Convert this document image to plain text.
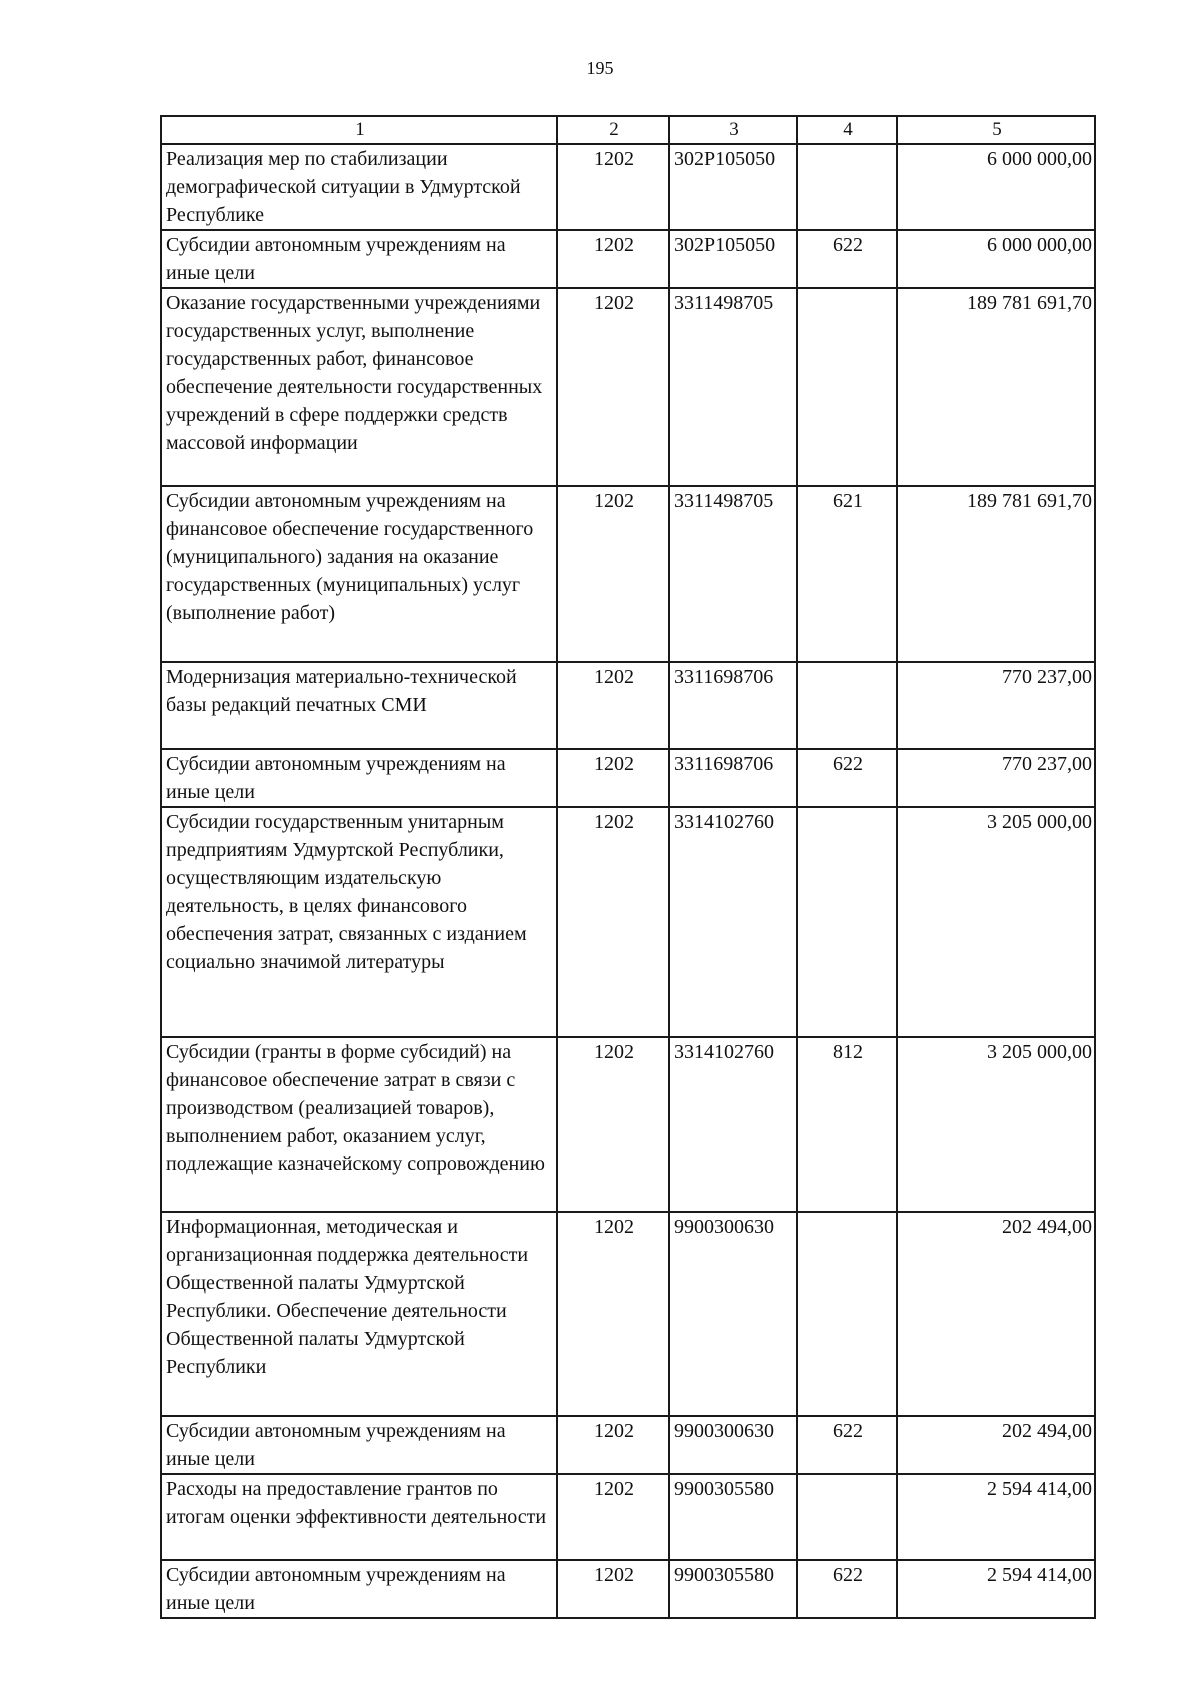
195
1	2	3	4	5
Реализация мер по стабилизации демографической ситуации в Удмуртской Республике	1202	302P105050		6 000 000,00
Субсидии автономным учреждениям на иные цели	1202	302P105050	622	6 000 000,00
Оказание государственными учреждениями государственных услуг, выполнение государственных работ, финансовое обеспечение деятельности государственных учреждений в сфере поддержки средств массовой информации	1202	3311498705		189 781 691,70
Субсидии автономным учреждениям на финансовое обеспечение государственного (муниципального) задания на оказание государственных (муниципальных) услуг (выполнение работ)	1202	3311498705	621	189 781 691,70
Модернизация материально-технической базы редакций печатных СМИ	1202	3311698706		770 237,00
Субсидии автономным учреждениям на иные цели	1202	3311698706	622	770 237,00
Субсидии государственным унитарным предприятиям Удмуртской Республики, осуществляющим издательскую деятельность, в целях финансового обеспечения затрат, связанных с изданием социально значимой литературы	1202	3314102760		3 205 000,00
Субсидии (гранты в форме субсидий) на финансовое обеспечение затрат в связи с производством (реализацией товаров), выполнением работ, оказанием услуг, подлежащие казначейскому сопровождению	1202	3314102760	812	3 205 000,00
Информационная, методическая и организационная поддержка деятельности Общественной палаты Удмуртской Республики. Обеспечение деятельности Общественной палаты Удмуртской Республики	1202	9900300630		202 494,00
Субсидии автономным учреждениям на иные цели	1202	9900300630	622	202 494,00
Расходы на предоставление грантов по итогам оценки эффективности деятельности	1202	9900305580		2 594 414,00
Субсидии автономным учреждениям на иные цели	1202	9900305580	622	2 594 414,00
